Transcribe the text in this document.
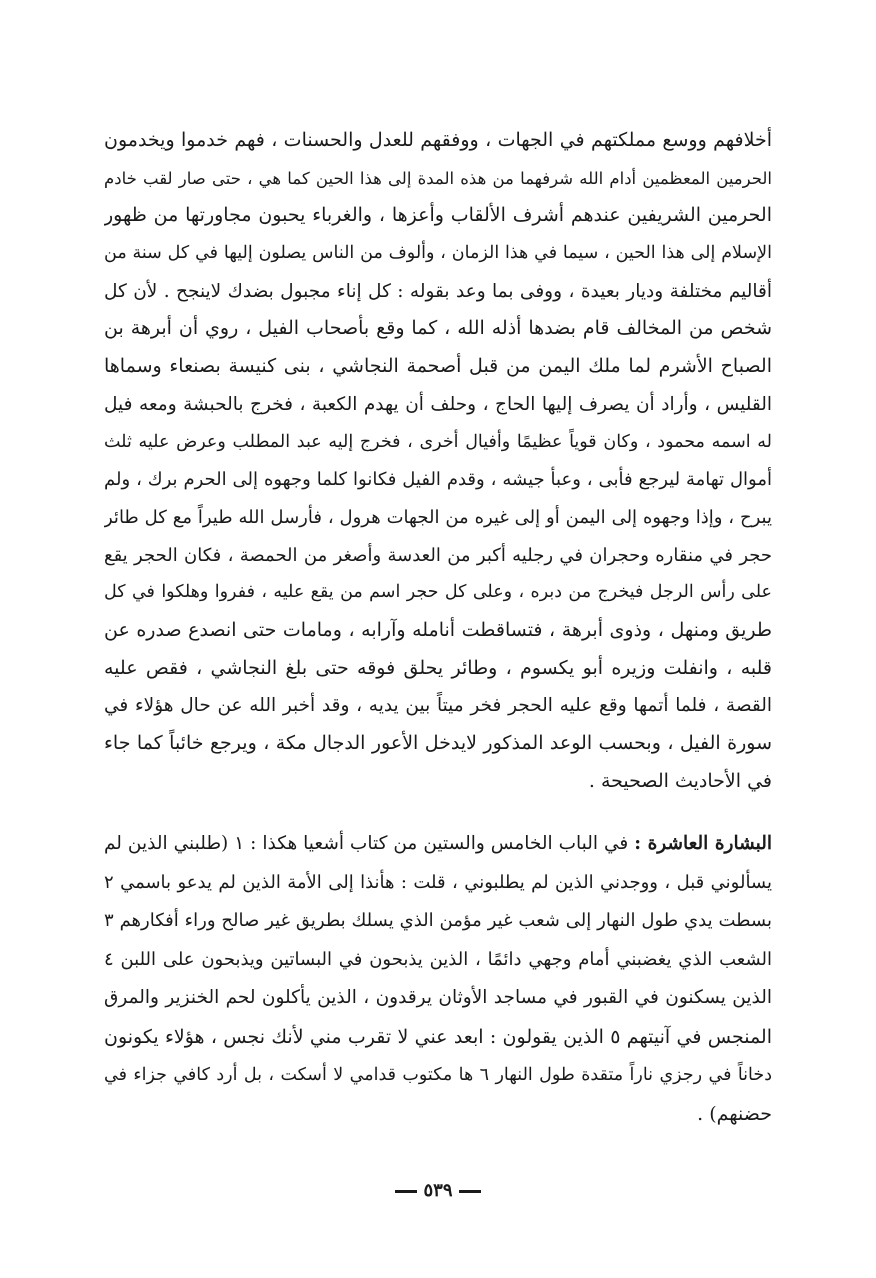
أخلافهم ووسع مملكتهم في الجهات ، ووفقهم للعدل والحسنات ، فهم خدموا ويخدمون
الحرمين المعظمين أدام الله شرفهما من هذه المدة إلى هذا الحين كما هي ، حتى صار لقب خادم
الحرمين الشريفين عندهم أشرف الألقاب وأعزها ، والغرباء يحبون مجاورتها من ظهور
الإسلام إلى هذا الحين ، سيما في هذا الزمان ، وألوف من الناس يصلون إليها في كل سنة من
أقاليم مختلفة وديار بعيدة ، ووفى بما وعد بقوله : كل إناء مجبول بضدك لاينجح . لأن كل
شخص من المخالف قام بضدها أذله الله ، كما وقع بأصحاب الفيل ، روي أن أبرهة بن
الصباح الأشرم لما ملك اليمن من قبل أصحمة النجاشي ، بنى كنيسة بصنعاء وسماها
القليس ، وأراد أن يصرف إليها الحاج ، وحلف أن يهدم الكعبة ، فخرج بالحبشة ومعه فيل
له اسمه محمود ، وكان قوياً عظيمًا وأفيال أخرى ، فخرج إليه عبد المطلب وعرض عليه ثلث
أموال تهامة ليرجع فأبى ، وعبأ جيشه ، وقدم الفيل فكانوا كلما وجهوه إلى الحرم برك ، ولم
يبرح ، وإذا وجهوه إلى اليمن أو إلى غيره من الجهات هرول ، فأرسل الله طيراً مع كل طائر
حجر في منقاره وحجران في رجليه أكبر من العدسة وأصغر من الحمصة ، فكان الحجر يقع
على رأس الرجل فيخرج من دبره ، وعلى كل حجر اسم من يقع عليه ، ففروا وهلكوا في كل
طريق ومنهل ، وذوى أبرهة ، فتساقطت أنامله وآرابه ، ومامات حتى انصدع صدره عن
قلبه ، وانفلت وزيره أبو يكسوم ، وطائر يحلق فوقه حتى بلغ النجاشي ، فقص عليه
القصة ، فلما أتمها وقع عليه الحجر فخر ميتاً بين يديه ، وقد أخبر الله عن حال هؤلاء في
سورة الفيل ، وبحسب الوعد المذكور لايدخل الأعور الدجال مكة ، ويرجع خائباً كما جاء
في الأحاديث الصحيحة .
البشارة العاشرة : في الباب الخامس والستين من كتاب أشعيا هكذا : ١ (طلبني الذين لم
يسألوني قبل ، ووجدني الذين لم يطلبوني ، قلت : هأنذا إلى الأمة الذين لم يدعو باسمي ٢
بسطت يدي طول النهار إلى شعب غير مؤمن الذي يسلك بطريق غير صالح وراء أفكارهم ٣
الشعب الذي يغضبني أمام وجهي دائمًا ، الذين يذبحون في البساتين ويذبحون على اللبن ٤
الذين يسكنون في القبور في مساجد الأوثان يرقدون ، الذين يأكلون لحم الخنزير والمرق
المنجس في آنيتهم ٥ الذين يقولون : ابعد عني لا تقرب مني لأنك نجس ، هؤلاء يكونون
دخاناً في رجزي ناراً متقدة طول النهار ٦ ها مكتوب قدامي لا أسكت ، بل أرد كافي جزاء في
حضنهم) .
٥٣٩
